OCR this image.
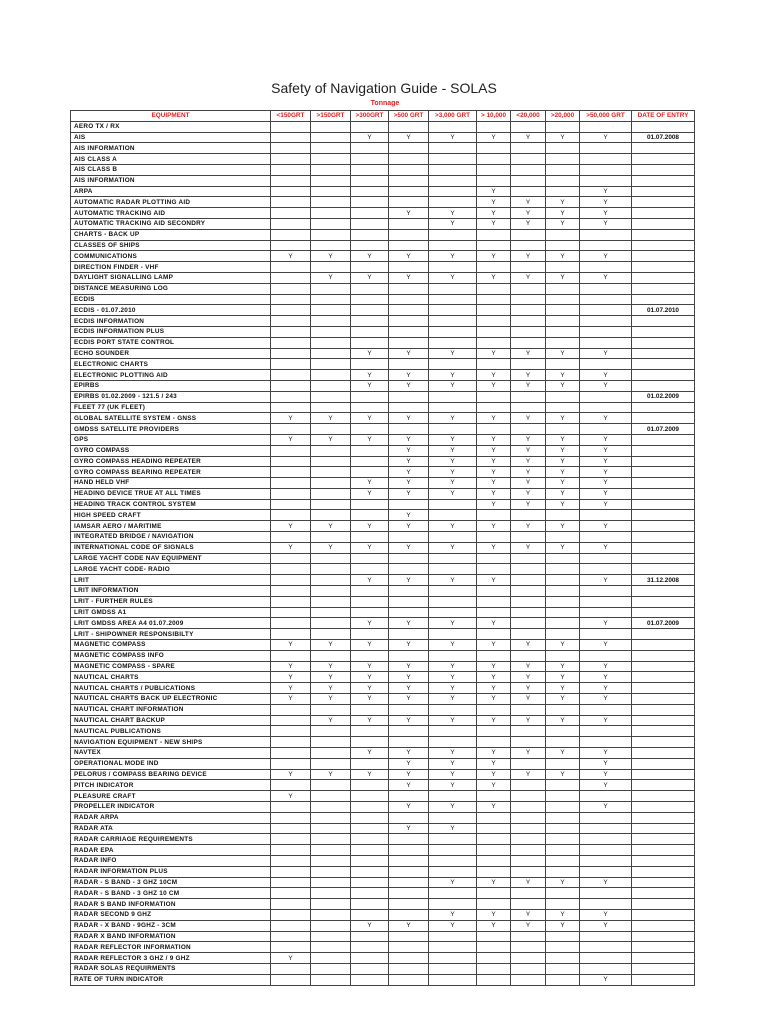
Safety of Navigation Guide - SOLAS
Tonnage
EQUIPMENT	<150GRT	>150GRT	>300GRT	>500 GRT	>3,000 GRT	> 10,000	<20,000	>20,000	>50,000 GRT	DATE OF ENTRY
AERO TX / RX										
AIS			Y	Y	Y	Y	Y	Y	Y	01.07.2008
AIS INFORMATION										
AIS CLASS A										
AIS CLASS B										
AIS INFORMATION										
ARPA						Y			Y	
AUTOMATIC RADAR PLOTTING AID						Y	Y	Y	Y	
AUTOMATIC TRACKING AID				Y	Y	Y	Y	Y	Y	
AUTOMATIC TRACKING AID SECONDRY					Y	Y	Y	Y	Y	
CHARTS - BACK UP										
CLASSES OF SHIPS										
COMMUNICATIONS	Y	Y	Y	Y	Y	Y	Y	Y	Y	
DIRECTION FINDER - VHF										
DAYLIGHT SIGNALLING LAMP		Y	Y	Y	Y	Y	Y	Y	Y	
DISTANCE MEASURING LOG										
ECDIS										
ECDIS - 01.07.2010										01.07.2010
ECDIS INFORMATION										
ECDIS INFORMATION PLUS										
ECDIS PORT STATE CONTROL										
ECHO SOUNDER			Y	Y	Y	Y	Y	Y	Y	
ELECTRONIC CHARTS										
ELECTRONIC PLOTTING AID			Y	Y	Y	Y	Y	Y	Y	
EPIRBS			Y	Y	Y	Y	Y	Y	Y	
EPIRBS 01.02.2009 - 121.5 / 243										01.02.2009
FLEET 77 (UK FLEET)										
GLOBAL SATELLITE SYSTEM - GNSS	Y	Y	Y	Y	Y	Y	Y	Y	Y	
GMDSS SATELLITE PROVIDERS										01.07.2009
GPS	Y	Y	Y	Y	Y	Y	Y	Y	Y	
GYRO COMPASS				Y	Y	Y	Y	Y	Y	
GYRO COMPASS HEADING REPEATER				Y	Y	Y	Y	Y	Y	
GYRO COMPASS BEARING REPEATER				Y	Y	Y	Y	Y	Y	
HAND HELD VHF			Y	Y	Y	Y	Y	Y	Y	
HEADING DEVICE TRUE AT ALL TIMES			Y	Y	Y	Y	Y	Y	Y	
HEADING TRACK CONTROL SYSTEM						Y	Y	Y	Y	
HIGH SPEED CRAFT				Y						
IAMSAR AERO / MARITIME	Y	Y	Y	Y	Y	Y	Y	Y	Y	
INTEGRATED BRIDGE / NAVIGATION										
INTERNATIONAL CODE OF SIGNALS	Y	Y	Y	Y	Y	Y	Y	Y	Y	
LARGE YACHT CODE NAV EQUIPMENT										
LARGE YACHT CODE- RADIO										
LRIT			Y	Y	Y	Y			Y	31.12.2008
LRIT INFORMATION										
LRIT - FURTHER RULES										
LRIT GMDSS A1										
LRIT GMDSS AREA A4 01.07.2009			Y	Y	Y	Y			Y	01.07.2009
LRIT - SHIPOWNER RESPONSIBILTY										
MAGNETIC COMPASS	Y	Y	Y	Y	Y	Y	Y	Y	Y	
MAGNETIC COMPASS INFO										
MAGNETIC COMPASS - SPARE	Y	Y	Y	Y	Y	Y	Y	Y	Y	
NAUTICAL CHARTS	Y	Y	Y	Y	Y	Y	Y	Y	Y	
NAUTICAL CHARTS / PUBLICATIONS	Y	Y	Y	Y	Y	Y	Y	Y	Y	
NAUTICAL CHARTS BACK UP ELECTRONIC	Y	Y	Y	Y	Y	Y	Y	Y	Y	
NAUTICAL CHART INFORMATION										
NAUTICAL CHART BACKUP		Y	Y	Y	Y	Y	Y	Y	Y	
NAUTICAL PUBLICATIONS										
NAVIGATION EQUIPMENT - NEW SHIPS										
NAVTEX			Y	Y	Y	Y	Y	Y	Y	
OPERATIONAL MODE IND				Y	Y	Y			Y	
PELORUS / COMPASS BEARING DEVICE	Y	Y	Y	Y	Y	Y	Y	Y	Y	
PITCH INDICATOR				Y	Y	Y			Y	
PLEASURE CRAFT	Y									
PROPELLER INDICATOR				Y	Y	Y			Y	
RADAR ARPA										
RADAR ATA				Y	Y					
RADAR CARRIAGE REQUIREMENTS										
RADAR EPA										
RADAR INFO										
RADAR INFORMATION PLUS										
RADAR - S BAND - 3 GHZ 10CM					Y	Y	Y	Y	Y	
RADAR - S BAND - 3 GHZ 10 CM										
RADAR S BAND INFORMATION										
RADAR SECOND 9 GHZ					Y	Y	Y	Y	Y	
RADAR - X BAND - 9GHZ - 3CM			Y	Y	Y	Y	Y	Y	Y	
RADAR X BAND INFORMATION										
RADAR REFLECTOR INFORMATION										
RADAR REFLECTOR 3 GHZ / 9 GHZ	Y									
RADAR SOLAS REQUIRMENTS										
RATE OF TURN INDICATOR									Y	
